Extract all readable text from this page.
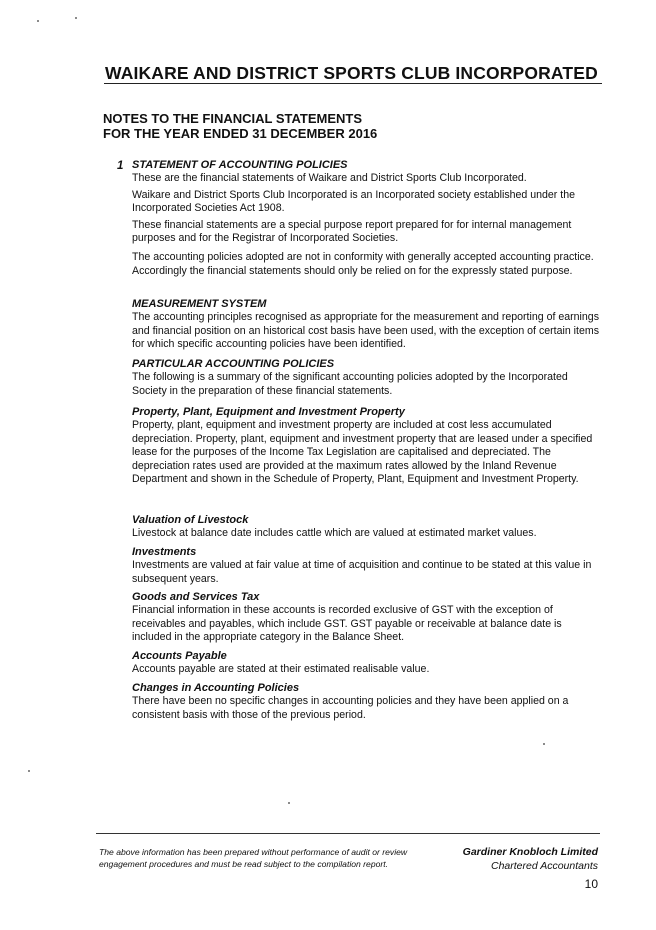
WAIKARE AND DISTRICT SPORTS CLUB INCORPORATED
NOTES TO THE FINANCIAL STATEMENTS
FOR THE YEAR ENDED 31 DECEMBER 2016
1 STATEMENT OF ACCOUNTING POLICIES

These are the financial statements of Waikare and District Sports Club Incorporated.

Waikare and District Sports Club Incorporated is an Incorporated society established under the Incorporated Societies Act 1908.

These financial statements are a special purpose report prepared for for internal management purposes and for the Registrar of Incorporated Societies.

The accounting policies adopted are not in conformity with generally accepted accounting practice. Accordingly the financial statements should only be relied on for the expressly stated purpose.

MEASUREMENT SYSTEM

The accounting principles recognised as appropriate for the measurement and reporting of earnings and financial position on an historical cost basis have been used, with the exception of certain items for which specific accounting policies have been identified.

PARTICULAR ACCOUNTING POLICIES

The following is a summary of the significant accounting policies adopted by the Incorporated Society in the preparation of these financial statements.

Property, Plant, Equipment and Investment Property

Property, plant, equipment and investment property are included at cost less accumulated depreciation. Property, plant, equipment and investment property that are leased under a specified lease for the purposes of the Income Tax Legislation are capitalised and depreciated. The depreciation rates used are provided at the maximum rates allowed by the Inland Revenue Department and shown in the Schedule of Property, Plant, Equipment and Investment Property.

Valuation of Livestock

Livestock at balance date includes cattle which are valued at estimated market values.

Investments

Investments are valued at fair value at time of acquisition and continue to be stated at this value in subsequent years.

Goods and Services Tax

Financial information in these accounts is recorded exclusive of GST with the exception of receivables and payables, which include GST. GST payable or receivable at balance date is included in the appropriate category in the Balance Sheet.

Accounts Payable

Accounts payable are stated at their estimated realisable value.

Changes in Accounting Policies

There have been no specific changes in accounting policies and they have been applied on a consistent basis with those of the previous period.

The above information has been prepared without performance of audit or review
engagement procedures and must be read subject to the compilation report.
Gardiner Knobloch Limited
Chartered Accountants
10
